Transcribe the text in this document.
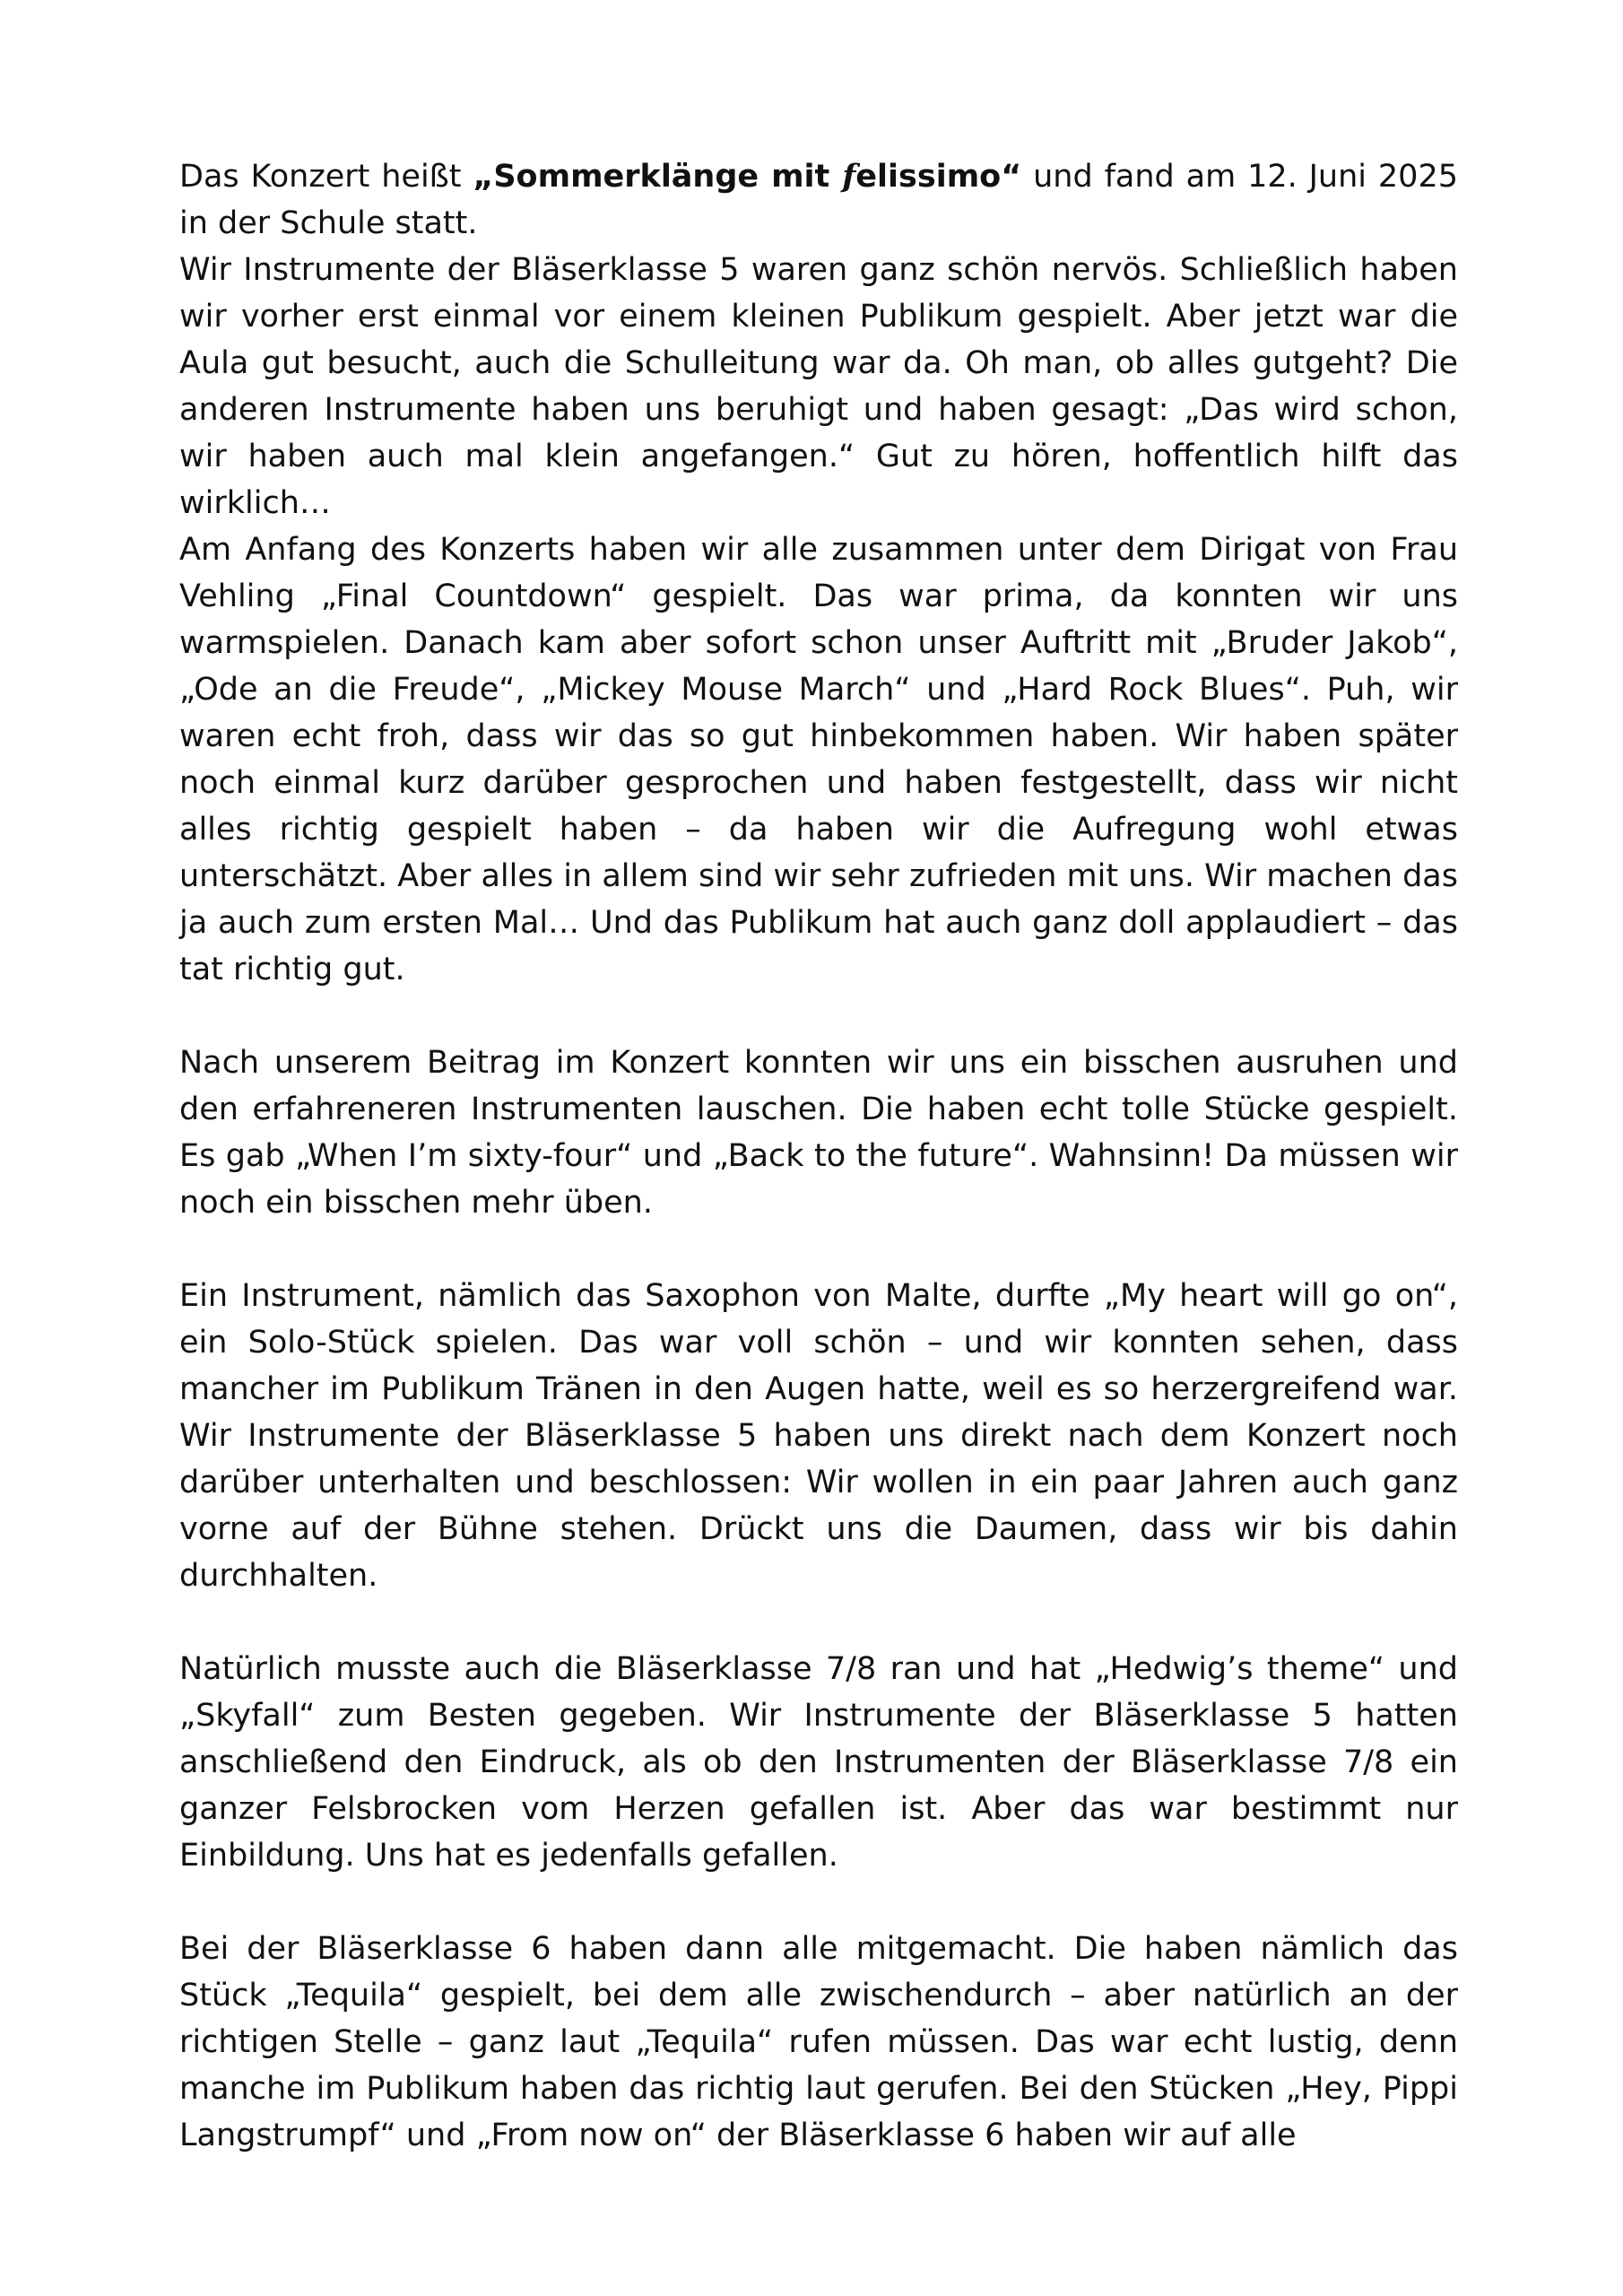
Das Konzert heißt „Sommerklänge mit felissimo“ und fand am 12. Juni 2025 in der Schule statt.

Wir Instrumente der Bläserklasse 5 waren ganz schön nervös. Schließlich haben wir vorher erst einmal vor einem kleinen Publikum gespielt. Aber jetzt war die Aula gut besucht, auch die Schulleitung war da. Oh man, ob alles gutgeht? Die anderen Instrumente haben uns beruhigt und haben gesagt: „Das wird schon, wir haben auch mal klein angefangen.“ Gut zu hören, hoffentlich hilft das wirklich…

Am Anfang des Konzerts haben wir alle zusammen unter dem Dirigat von Frau Vehling „Final Countdown“ gespielt. Das war prima, da konnten wir uns warmspielen. Danach kam aber sofort schon unser Auftritt mit „Bruder Jakob“, „Ode an die Freude“, „Mickey Mouse March“ und „Hard Rock Blues“. Puh, wir waren echt froh, dass wir das so gut hinbekommen haben. Wir haben später noch einmal kurz darüber gesprochen und haben festgestellt, dass wir nicht alles richtig gespielt haben – da haben wir die Aufregung wohl etwas unterschätzt. Aber alles in allem sind wir sehr zufrieden mit uns. Wir machen das ja auch zum ersten Mal… Und das Publikum hat auch ganz doll applaudiert – das tat richtig gut.

Nach unserem Beitrag im Konzert konnten wir uns ein bisschen ausruhen und den erfahreneren Instrumenten lauschen. Die haben echt tolle Stücke gespielt. Es gab „When I’m sixty-four“ und „Back to the future“. Wahnsinn! Da müssen wir noch ein bisschen mehr üben.

Ein Instrument, nämlich das Saxophon von Malte, durfte „My heart will go on“, ein Solo-Stück spielen. Das war voll schön – und wir konnten sehen, dass mancher im Publikum Tränen in den Augen hatte, weil es so herzergreifend war. Wir Instrumente der Bläserklasse 5 haben uns direkt nach dem Konzert noch darüber unterhalten und beschlossen: Wir wollen in ein paar Jahren auch ganz vorne auf der Bühne stehen. Drückt uns die Daumen, dass wir bis dahin durchhalten.

Natürlich musste auch die Bläserklasse 7/8 ran und hat „Hedwig’s theme“ und „Skyfall“ zum Besten gegeben. Wir Instrumente der Bläserklasse 5 hatten anschließend den Eindruck, als ob den Instrumenten der Bläserklasse 7/8 ein ganzer Felsbrocken vom Herzen gefallen ist. Aber das war bestimmt nur Einbildung. Uns hat es jedenfalls gefallen.

Bei der Bläserklasse 6 haben dann alle mitgemacht. Die haben nämlich das Stück „Tequila“ gespielt, bei dem alle zwischendurch – aber natürlich an der richtigen Stelle – ganz laut „Tequila“ rufen müssen. Das war echt lustig, denn manche im Publikum haben das richtig laut gerufen. Bei den Stücken „Hey, Pippi Langstrumpf“ und „From now on“ der Bläserklasse 6 haben wir auf alle
